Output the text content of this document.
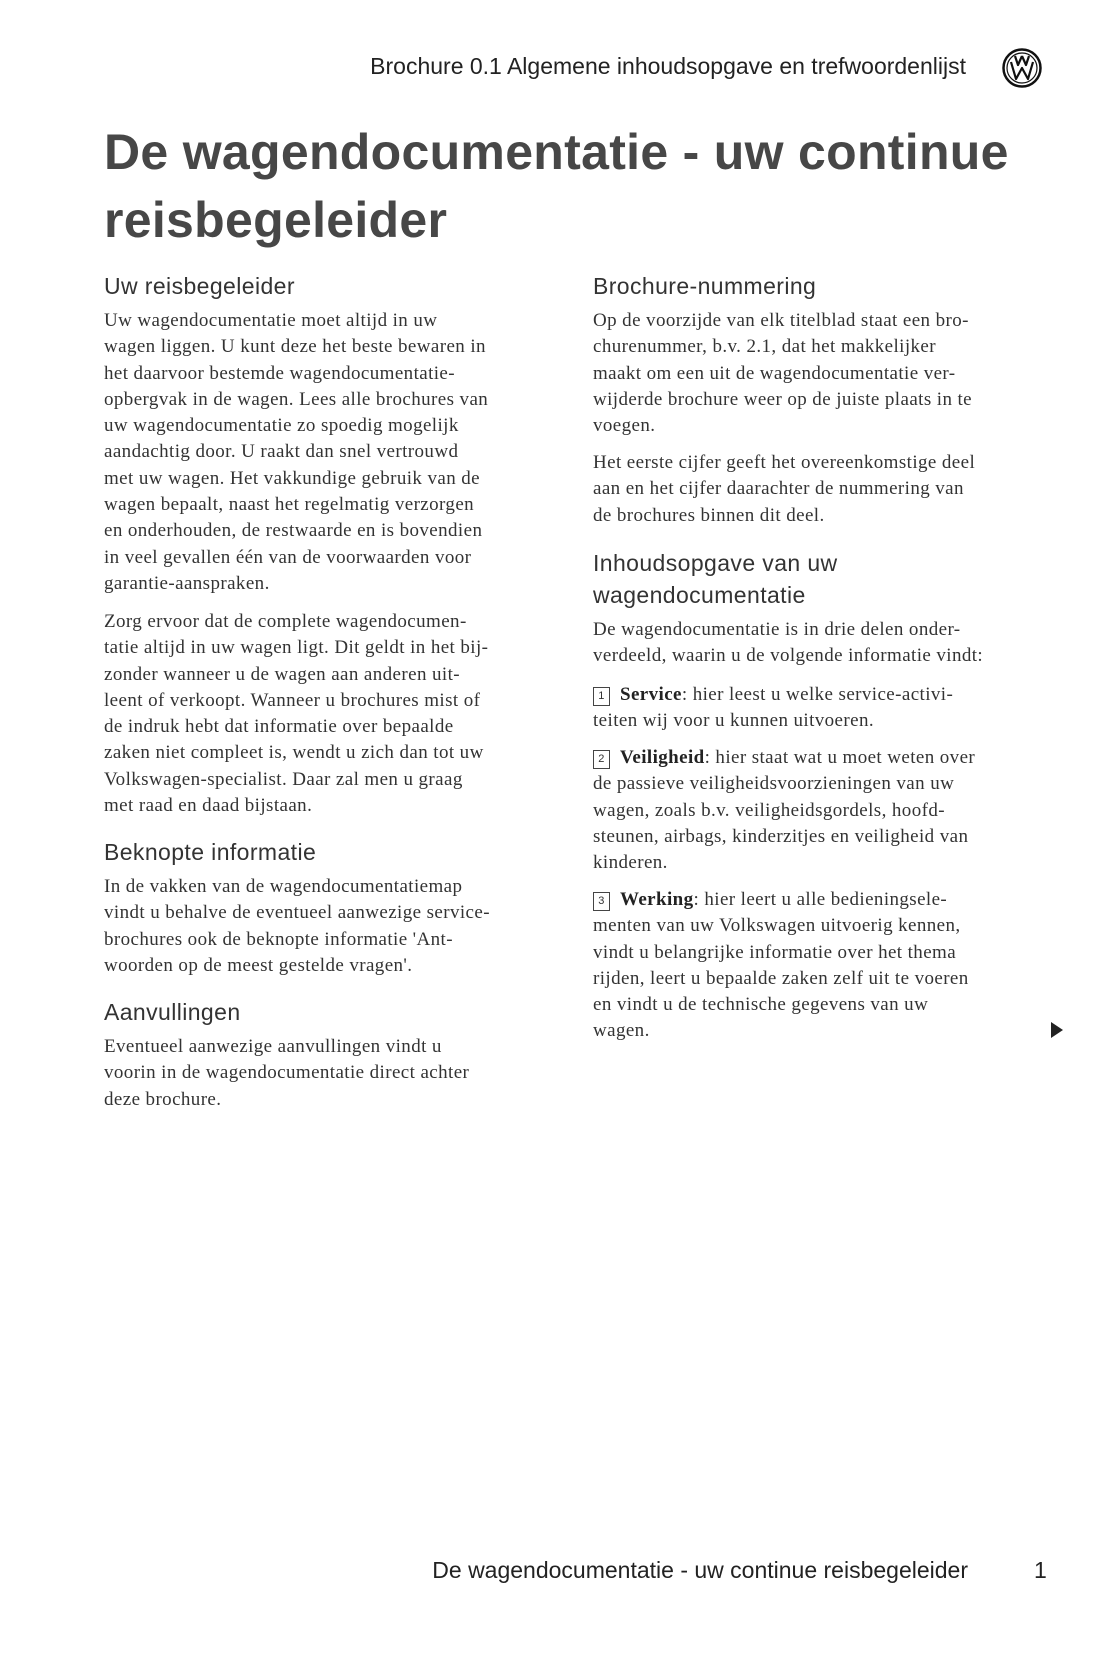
Brochure 0.1 Algemene inhoudsopgave en trefwoordenlijst
De wagendocumentatie - uw continue
reisbegeleider
Uw reisbegeleider
Uw wagendocumentatie moet altijd in uw
wagen liggen. U kunt deze het beste bewaren in
het daarvoor bestemde wagendocumentatie-
opbergvak in de wagen. Lees alle brochures van
uw wagendocumentatie zo spoedig mogelijk
aandachtig door. U raakt dan snel vertrouwd
met uw wagen. Het vakkundige gebruik van de
wagen bepaalt, naast het regelmatig verzorgen
en onderhouden, de restwaarde en is bovendien
in veel gevallen één van de voorwaarden voor
garantie-aanspraken.
Zorg ervoor dat de complete wagendocumen-
tatie altijd in uw wagen ligt. Dit geldt in het bij-
zonder wanneer u de wagen aan anderen uit-
leent of verkoopt. Wanneer u brochures mist of
de indruk hebt dat informatie over bepaalde
zaken niet compleet is, wendt u zich dan tot uw
Volkswagen-specialist. Daar zal men u graag
met raad en daad bijstaan.
Beknopte informatie
In de vakken van de wagendocumentatiemap
vindt u behalve de eventueel aanwezige service-
brochures ook de beknopte informatie 'Ant-
woorden op de meest gestelde vragen'.
Aanvullingen
Eventueel aanwezige aanvullingen vindt u
voorin in de wagendocumentatie direct achter
deze brochure.
Brochure-nummering
Op de voorzijde van elk titelblad staat een bro-
churenummer, b.v. 2.1, dat het makkelijker
maakt om een uit de wagendocumentatie ver-
wijderde brochure weer op de juiste plaats in te
voegen.
Het eerste cijfer geeft het overeenkomstige deel
aan en het cijfer daarachter de nummering van
de brochures binnen dit deel.
Inhoudsopgave van uw
wagendocumentatie
De wagendocumentatie is in drie delen onder-
verdeeld, waarin u de volgende informatie vindt:
1 Service: hier leest u welke service-activi-
teiten wij voor u kunnen uitvoeren.
2 Veiligheid: hier staat wat u moet weten over
de passieve veiligheidsvoorzieningen van uw
wagen, zoals b.v. veiligheidsgordels, hoofd-
steunen, airbags, kinderzitjes en veiligheid van
kinderen.
3 Werking: hier leert u alle bedieningsele-
menten van uw Volkswagen uitvoerig kennen,
vindt u belangrijke informatie over het thema
rijden, leert u bepaalde zaken zelf uit te voeren
en vindt u de technische gegevens van uw
wagen.
De wagendocumentatie - uw continue reisbegeleider	1
